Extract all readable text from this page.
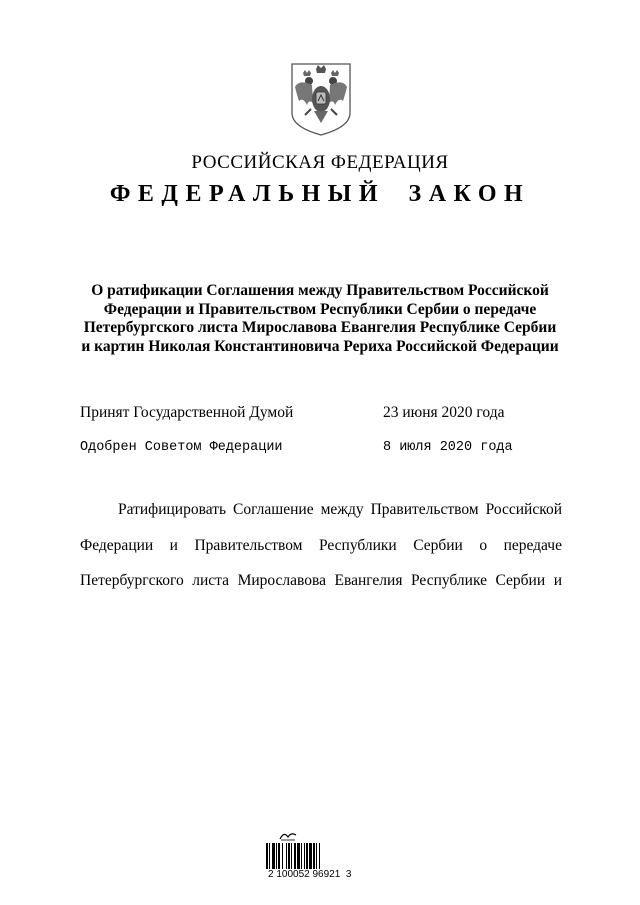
РОССИЙСКАЯ ФЕДЕРАЦИЯ

ФЕДЕРАЛЬНЫЙ ЗАКОН

О ратификации Соглашения между Правительством Российской Федерации и Правительством Республики Сербии о передаче Петербургского листа Мирославова Евангелия Республике Сербии и картин Николая Константиновича Рериха Российской Федерации

Принят Государственной Думой	23 июня 2020 года
Одобрен Советом Федерации	8 июля 2020 года

Ратифицировать Соглашение между Правительством Российской

Федерации и Правительством Республики Сербии о передаче

Петербургского листа Мирославова Евангелия Республике Сербии и

2 100052 96921  3
